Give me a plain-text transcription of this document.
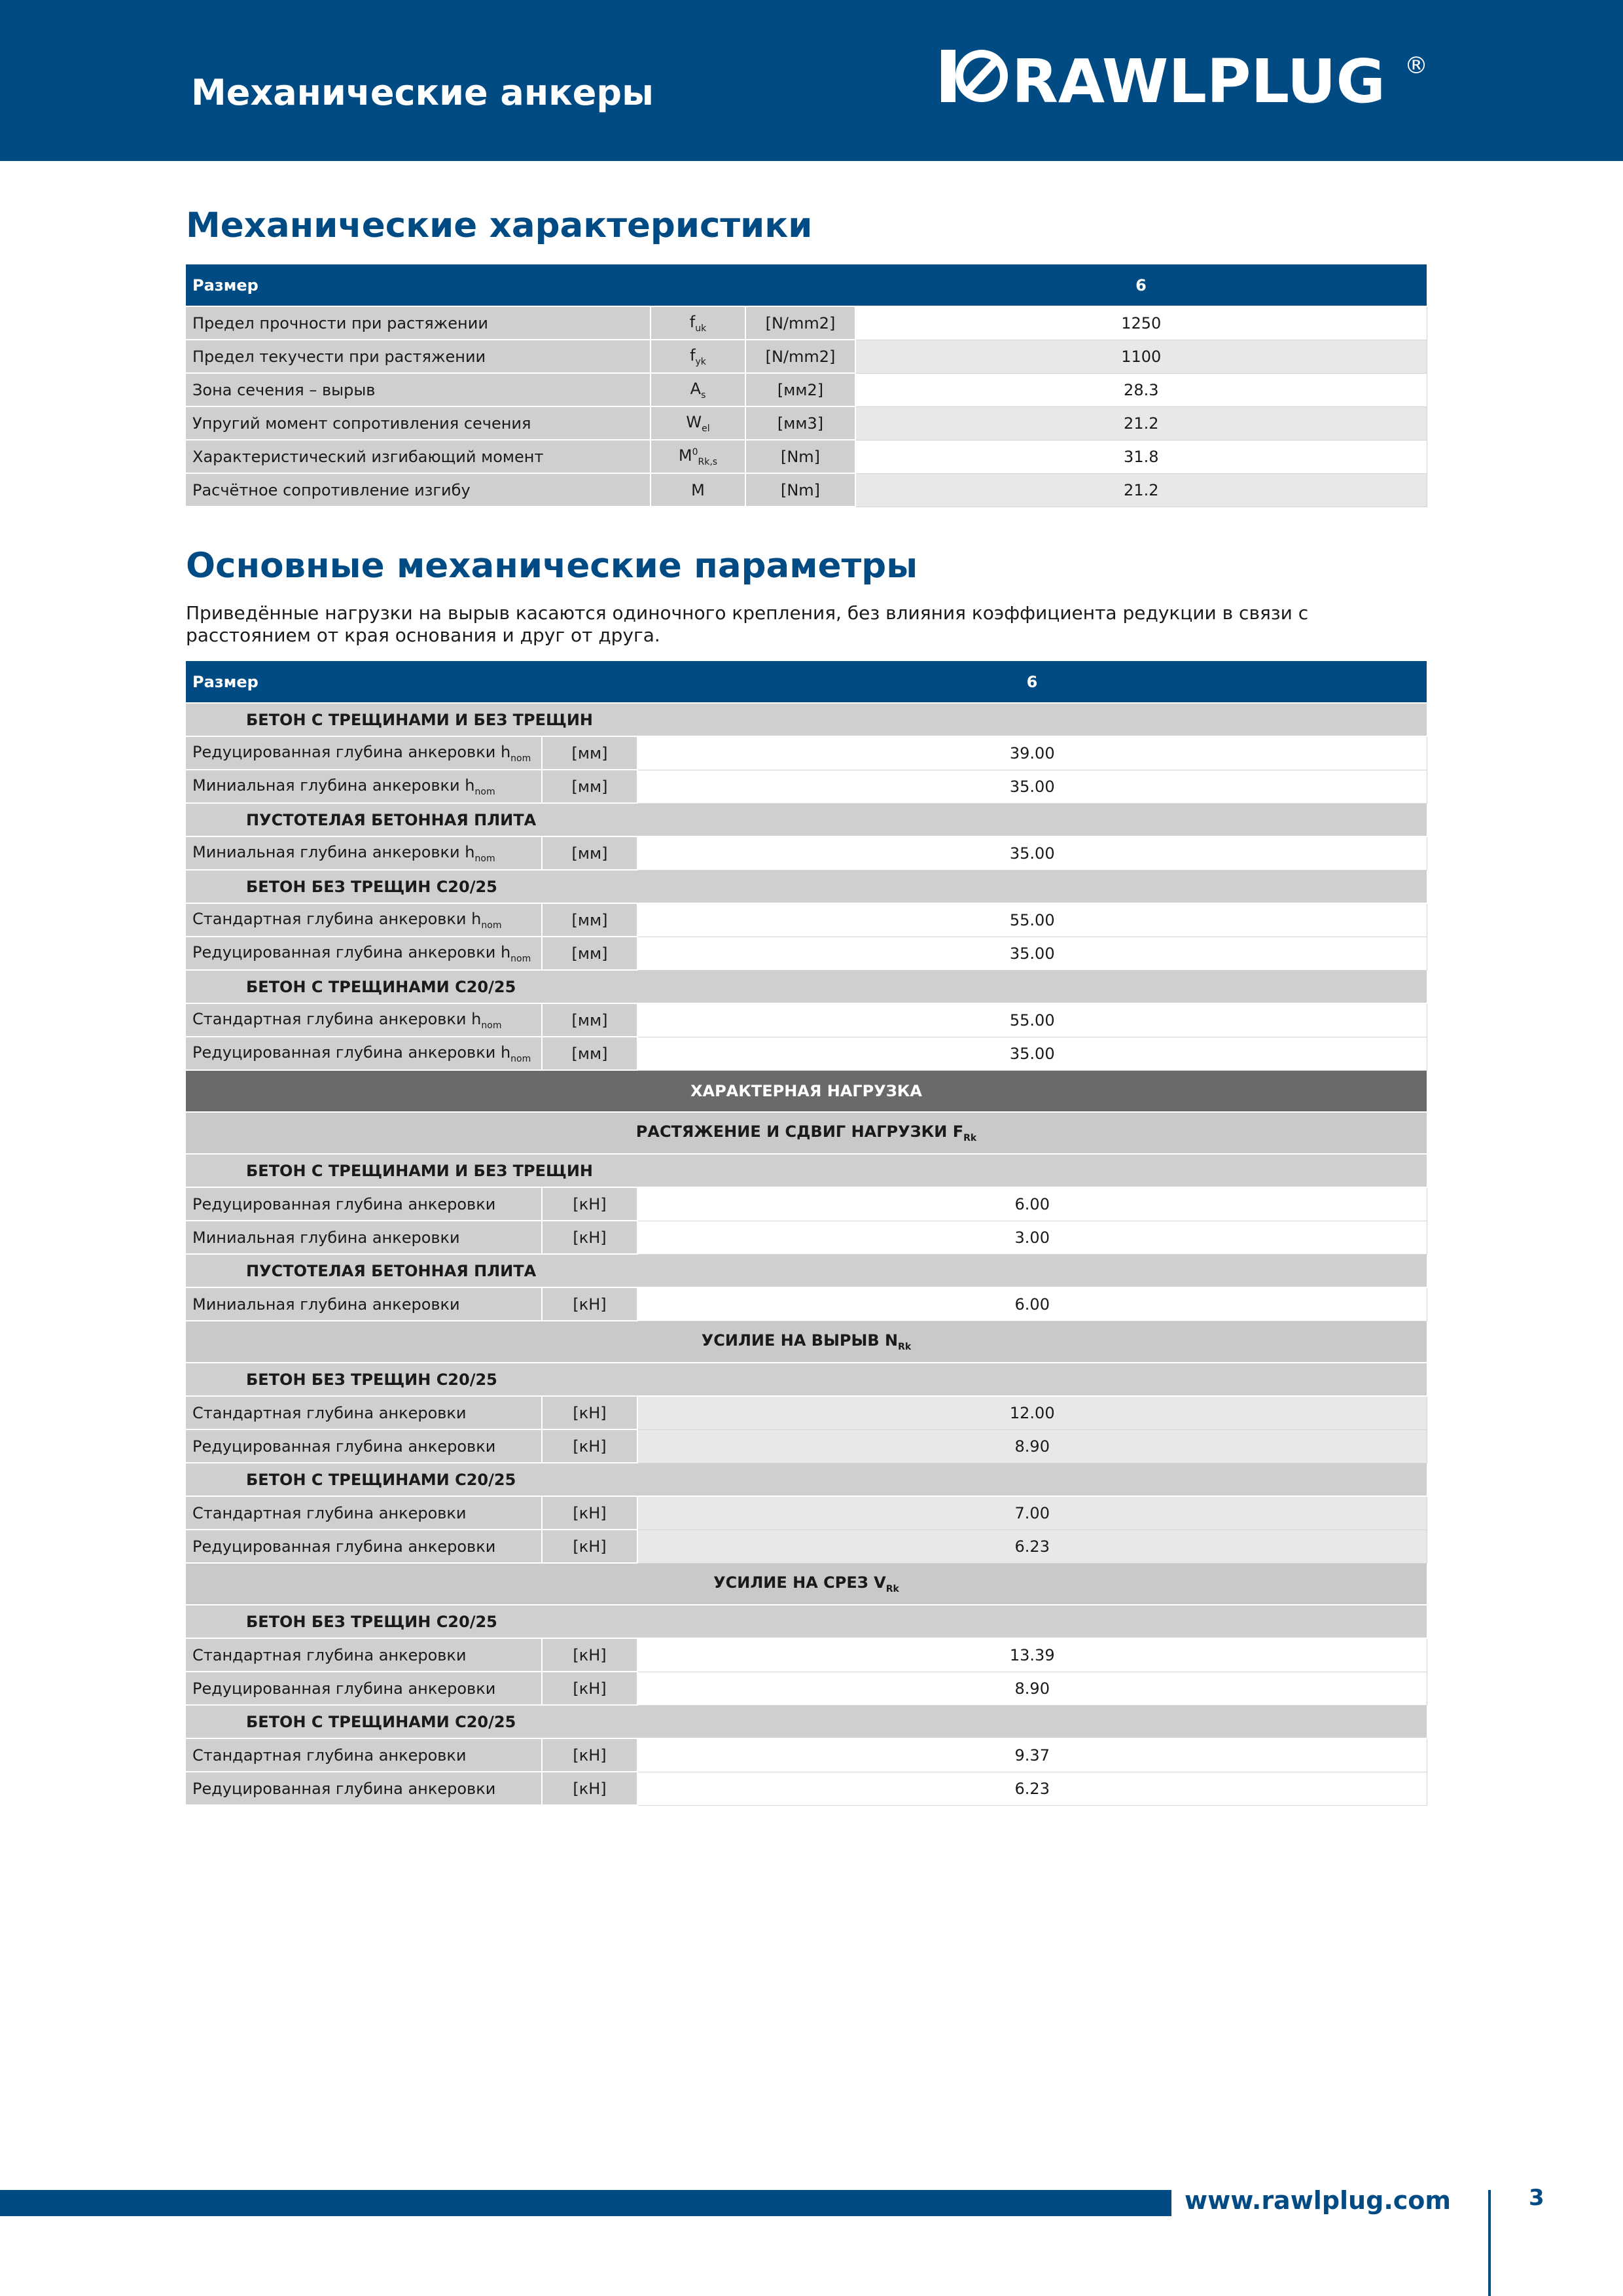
Механические анкеры	RAWLPLUG ®
Механические характеристики
Размер			6
Предел прочности при растяжении	$f_{uk}$	[N/mm2]	1250
Предел текучести при растяжении	$f_{yk}$	[N/mm2]	1100
Зона сечения – вырыв	$A_s$	[мм2]	28.3
Упругий момент сопротивления сечения	$W_{el}$	[мм3]	21.2
Характеристический изгибающий момент	$M^0_{Rk,s}$	[Nm]	31.8
Расчётное сопротивление изгибу	M	[Nm]	21.2
Основные механические параметры
Приведённые нагрузки на вырыв касаются одиночного крепления, без влияния коэффициента редукции в связи с расстоянием от края основания и друг от друга.
Размер		6
БЕТОН С ТРЕЩИНАМИ И БЕЗ ТРЕЩИН		
Редуцированная глубина анкеровки $h_{nom}$	[мм]	39.00
Миниальная глубина анкеровки $h_{nom}$	[мм]	35.00
ПУСТОТЕЛАЯ БЕТОННАЯ ПЛИТА		
Миниальная глубина анкеровки $h_{nom}$	[мм]	35.00
БЕТОН БЕЗ ТРЕЩИН С20/25		
Стандартная глубина анкеровки $h_{nom}$	[мм]	55.00
Редуцированная глубина анкеровки $h_{nom}$	[мм]	35.00
БЕТОН С ТРЕЩИНАМИ С20/25		
Стандартная глубина анкеровки $h_{nom}$	[мм]	55.00
Редуцированная глубина анкеровки $h_{nom}$	[мм]	35.00
ХАРАКТЕРНАЯ НАГРУЗКА		
РАСТЯЖЕНИЕ И СДВИГ НАГРУЗКИ $F_{Rk}$
БЕТОН С ТРЕЩИНАМИ И БЕЗ ТРЕЩИН		
Редуцированная глубина анкеровки	[кН]	6.00
Миниальная глубина анкеровки	[кН]	3.00
ПУСТОТЕЛАЯ БЕТОННАЯ ПЛИТА		
Миниальная глубина анкеровки	[кН]	6.00
УСИЛИЕ НА ВЫРЫВ $N_{Rk}$
БЕТОН БЕЗ ТРЕЩИН С20/25		
Стандартная глубина анкеровки	[кН]	12.00
Редуцированная глубина анкеровки	[кН]	8.90
БЕТОН С ТРЕЩИНАМИ С20/25		
Стандартная глубина анкеровки	[кН]	7.00
Редуцированная глубина анкеровки	[кН]	6.23
УСИЛИЕ НА СРЕЗ $V_{Rk}$
БЕТОН БЕЗ ТРЕЩИН С20/25		
Стандартная глубина анкеровки	[кН]	13.39
Редуцированная глубина анкеровки	[кН]	8.90
БЕТОН С ТРЕЩИНАМИ С20/25		
Стандартная глубина анкеровки	[кН]	9.37
Редуцированная глубина анкеровки	[кН]	6.23
www.rawlplug.com	3
